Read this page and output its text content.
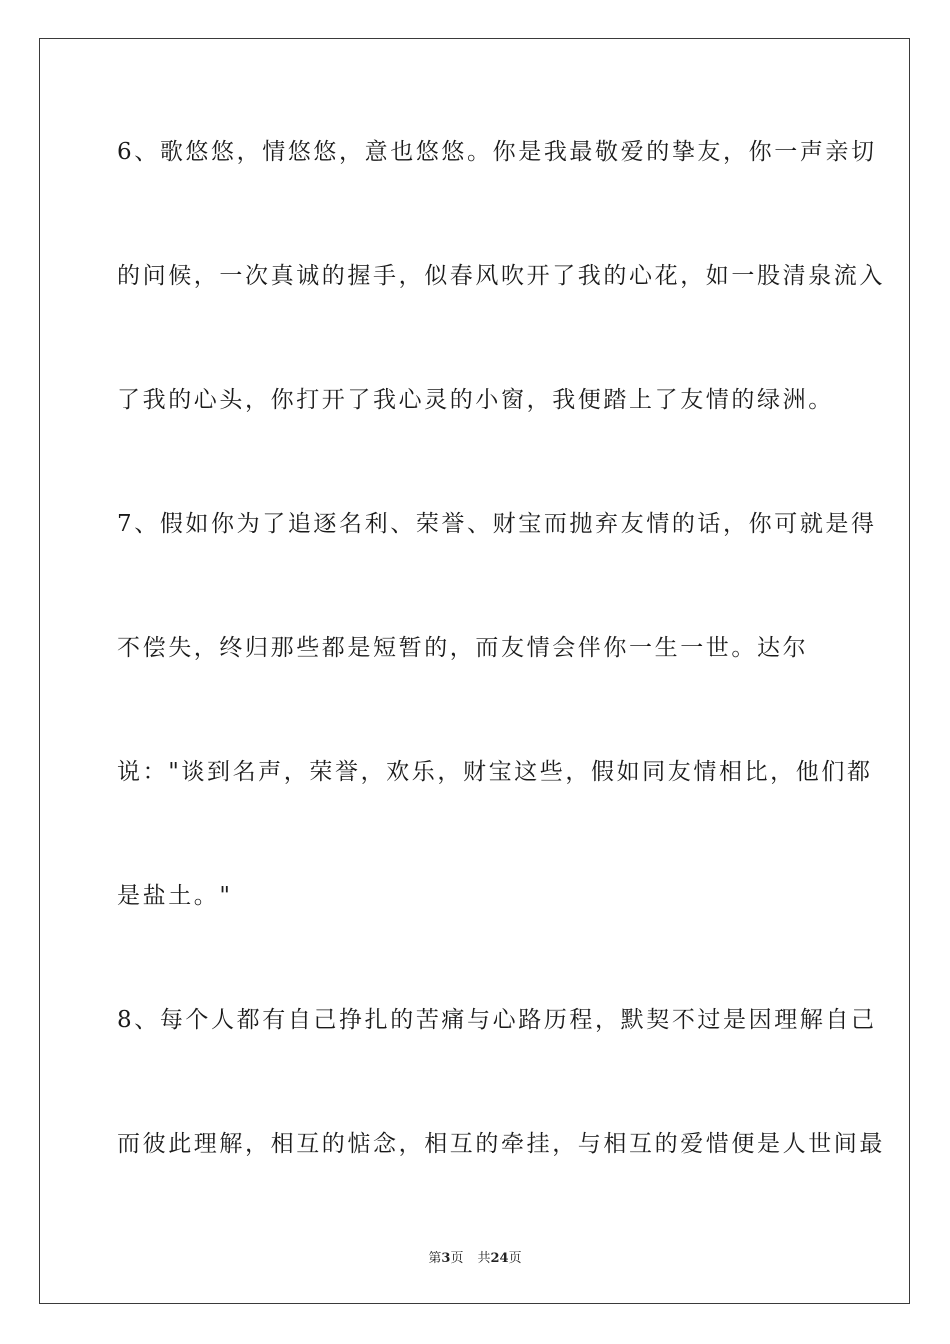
6、歌悠悠，情悠悠，意也悠悠。你是我最敬爱的挚友，你一声亲切
的问候，一次真诚的握手，似春风吹开了我的心花，如一股清泉流入
了我的心头，你打开了我心灵的小窗，我便踏上了友情的绿洲。
7、假如你为了追逐名利、荣誉、财宝而抛弃友情的话，你可就是得
不偿失，终归那些都是短暂的，而友情会伴你一生一世。达尔
说："谈到名声，荣誉，欢乐，财宝这些，假如同友情相比，他们都
是盐土。"
8、每个人都有自己挣扎的苦痛与心路历程，默契不过是因理解自己
而彼此理解，相互的惦念，相互的牵挂，与相互的爱惜便是人世间最
第3页 共24页
